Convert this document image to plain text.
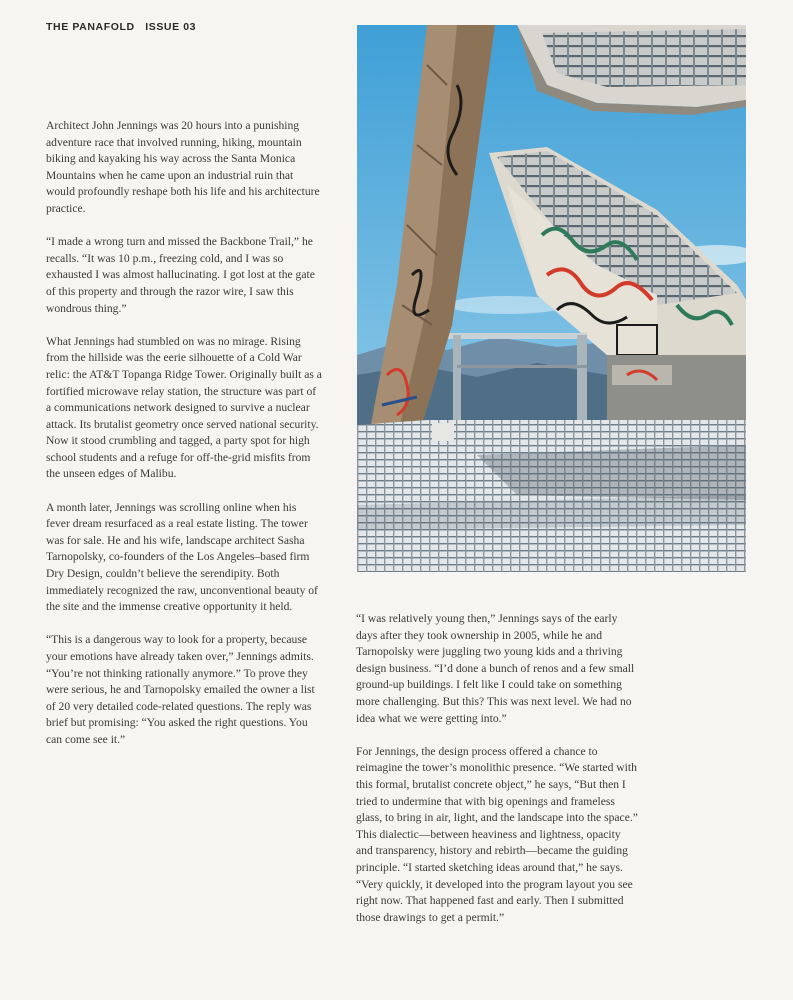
THE PANAFOLD ISSUE 03

Architect John Jennings was 20 hours into a punishing adventure race that involved running, hiking, mountain biking and kayaking his way across the Santa Monica Mountains when he came upon an industrial ruin that would profoundly reshape both his life and his architecture practice.

“I made a wrong turn and missed the Backbone Trail,” he recalls. “It was 10 p.m., freezing cold, and I was so exhausted I was almost hallucinating. I got lost at the gate of this property and through the razor wire, I saw this wondrous thing.”

What Jennings had stumbled on was no mirage. Rising from the hillside was the eerie silhouette of a Cold War relic: the AT&T Topanga Ridge Tower. Originally built as a fortified microwave relay station, the structure was part of a communications network designed to survive a nuclear attack. Its brutalist geometry once served national security. Now it stood crumbling and tagged, a party spot for high school students and a refuge for off-the-grid misfits from the unseen edges of Malibu.

A month later, Jennings was scrolling online when his fever dream resurfaced as a real estate listing. The tower was for sale. He and his wife, landscape architect Sasha Tarnopolsky, co-founders of the Los Angeles–based firm Dry Design, couldn’t believe the serendipity. Both immediately recognized the raw, unconventional beauty of the site and the immense creative opportunity it held.

“This is a dangerous way to look for a property, because your emotions have already taken over,” Jennings admits. “You’re not thinking rationally anymore.” To prove they were serious, he and Tarnopolsky emailed the owner a list of 20 very detailed code-related questions. The reply was brief but promising: “You asked the right questions. You can come see it.”

“I was relatively young then,” Jennings says of the early days after they took ownership in 2005, while he and Tarnopolsky were juggling two young kids and a thriving design business. “I’d done a bunch of renos and a few small ground-up buildings. I felt like I could take on something more challenging. But this? This was next level. We had no idea what we were getting into.”

For Jennings, the design process offered a chance to reimagine the tower’s monolithic presence. “We started with this formal, brutalist concrete object,” he says, “But then I tried to undermine that with big openings and frameless glass, to bring in air, light, and the landscape into the space.” This dialectic—between heaviness and lightness, opacity and transparency, history and rebirth—became the guiding principle. “I started sketching ideas around that,” he says. “Very quickly, it developed into the program layout you see right now. That happened fast and early. Then I submitted those drawings to get a permit.”
